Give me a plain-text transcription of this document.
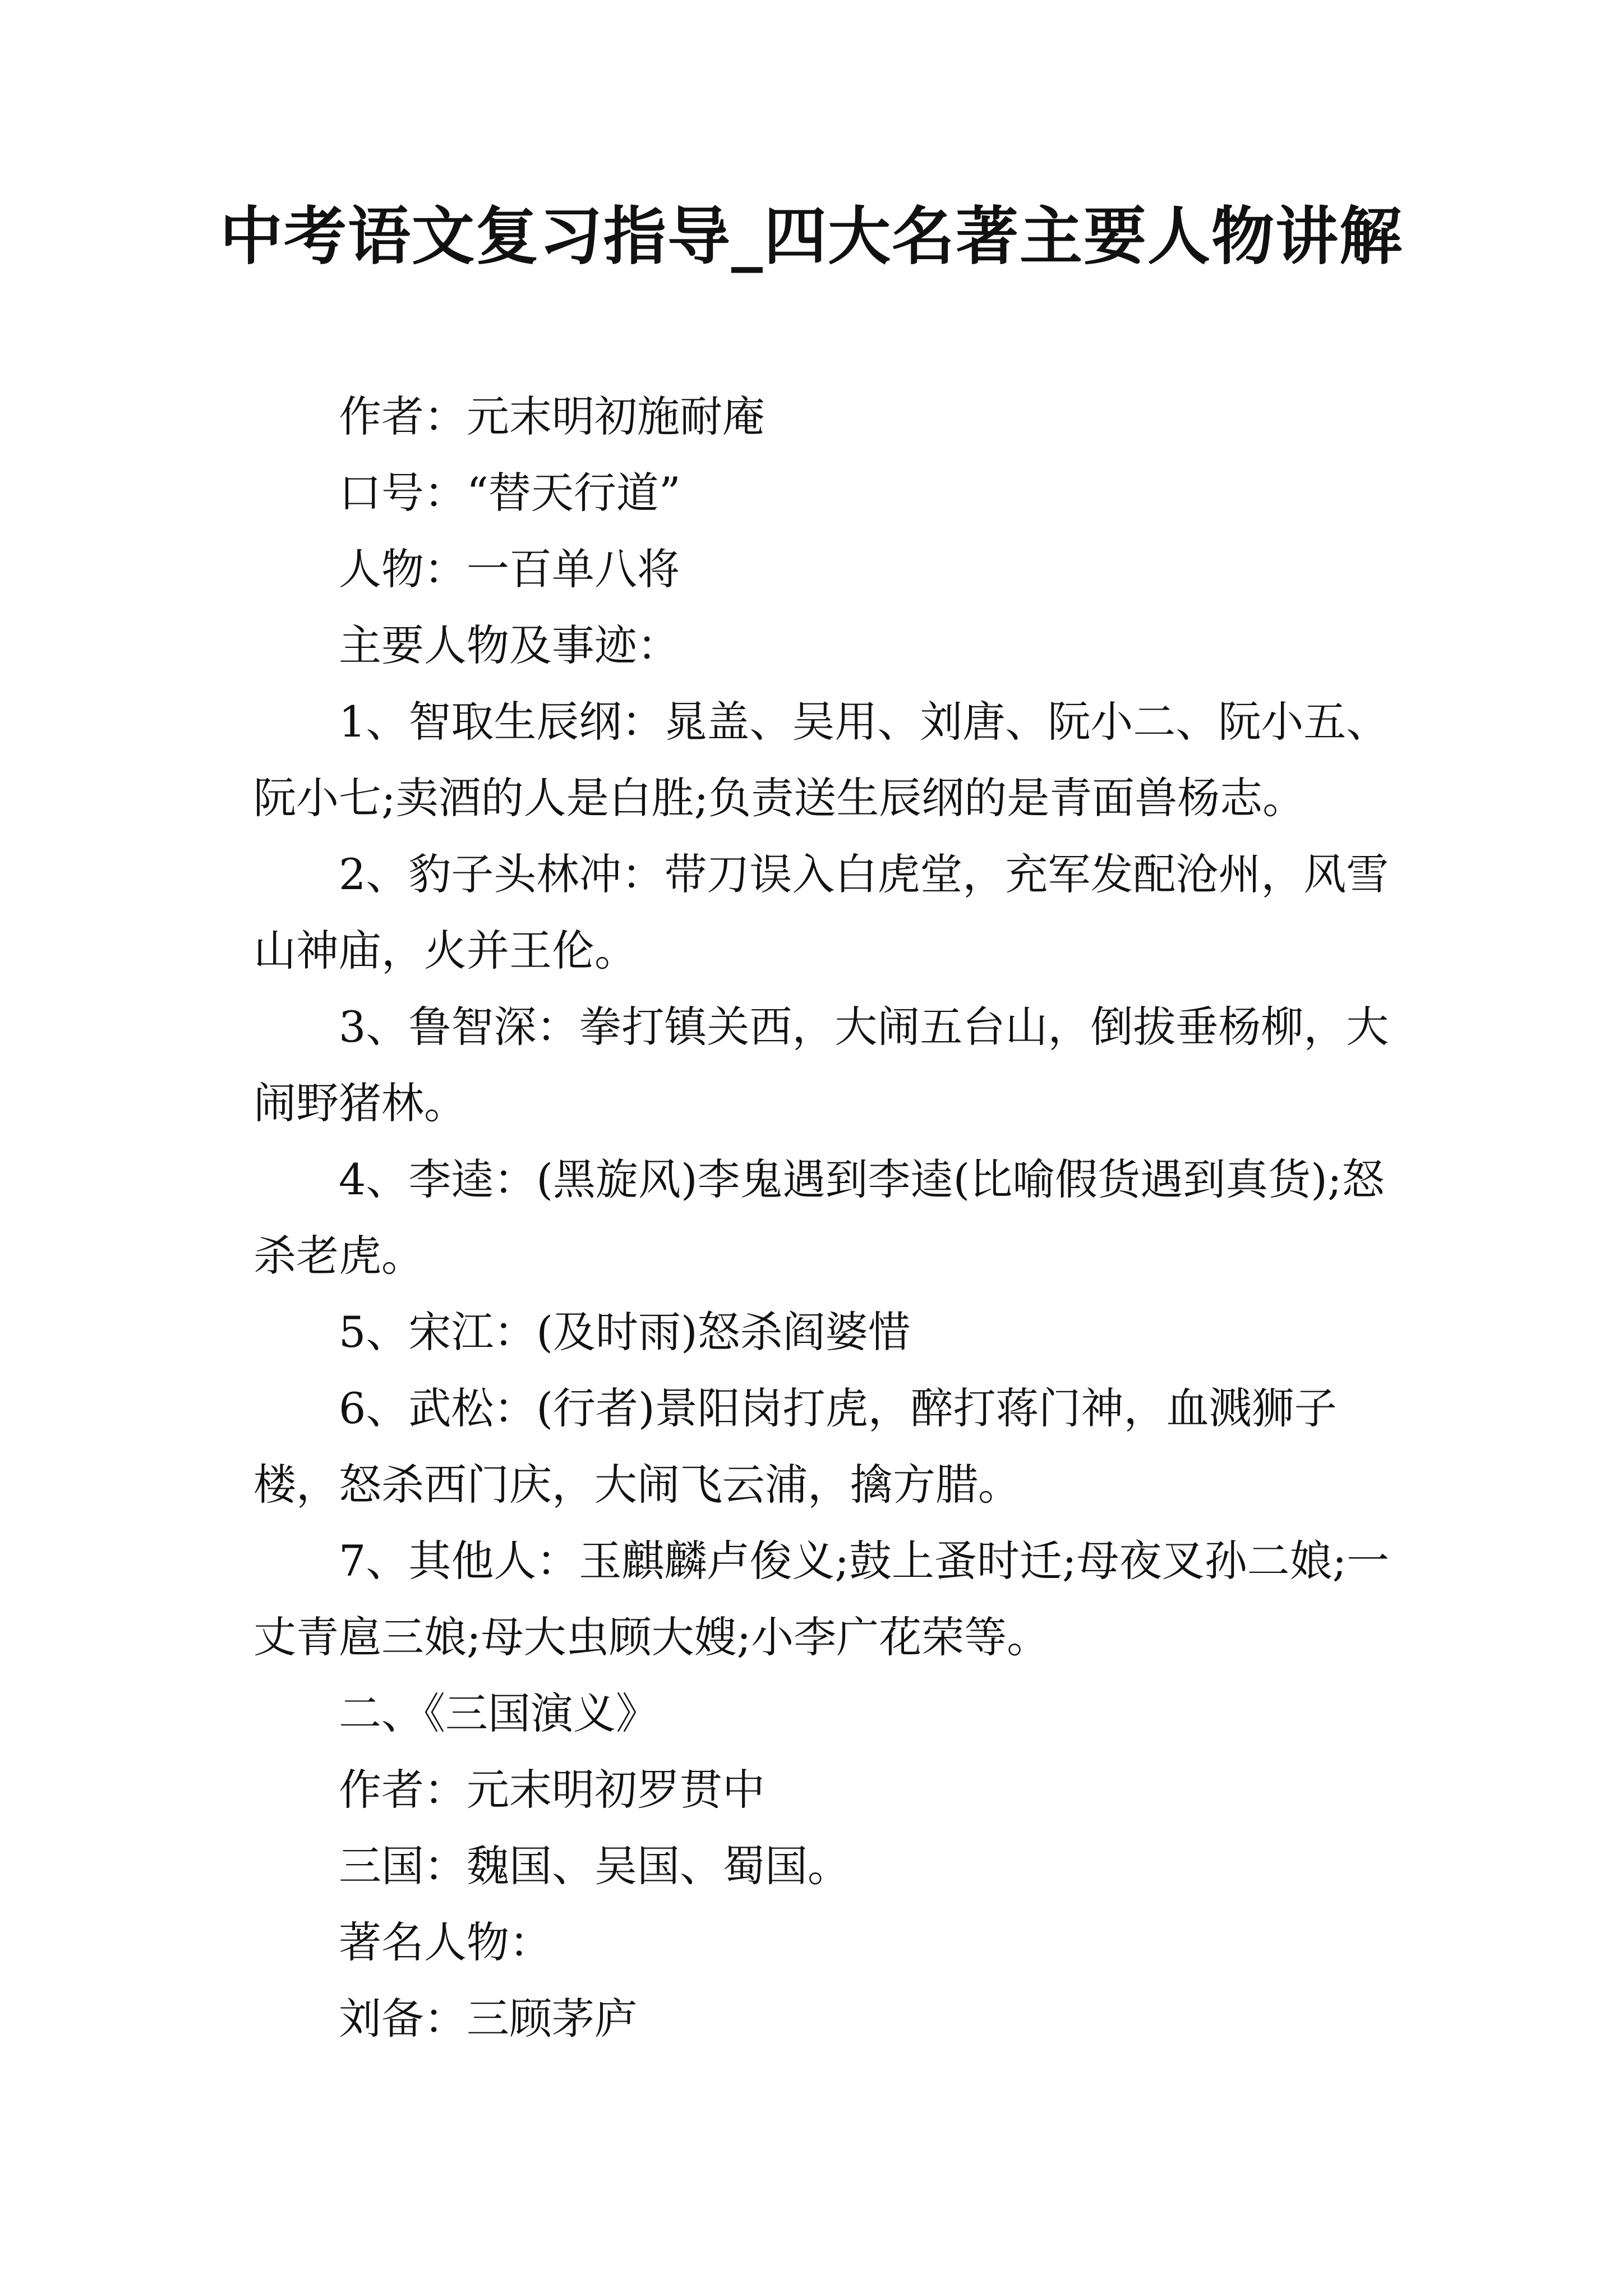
中考语文复习指导_四大名著主要人物讲解

作者：元末明初施耐庵

口号：“替天行道”

人物：一百单八将

主要人物及事迹：

1、智取生辰纲：晁盖、吴用、刘唐、阮小二、阮小五、阮小七;卖酒的人是白胜;负责送生辰纲的是青面兽杨志。

2、豹子头林冲：带刀误入白虎堂，充军发配沧州，风雪山神庙，火并王伦。

3、鲁智深：拳打镇关西，大闹五台山，倒拔垂杨柳，大闹野猪林。

4、李逵：(黑旋风)李鬼遇到李逵(比喻假货遇到真货);怒杀老虎。

5、宋江：(及时雨)怒杀阎婆惜

6、武松：(行者)景阳岗打虎，醉打蒋门神，血溅狮子楼，怒杀西门庆，大闹飞云浦，擒方腊。

7、其他人：玉麒麟卢俊义;鼓上蚤时迁;母夜叉孙二娘;一丈青扈三娘;母大虫顾大嫂;小李广花荣等。

二、《三国演义》

作者：元末明初罗贯中

三国：魏国、吴国、蜀国。

著名人物：

刘备：三顾茅庐
